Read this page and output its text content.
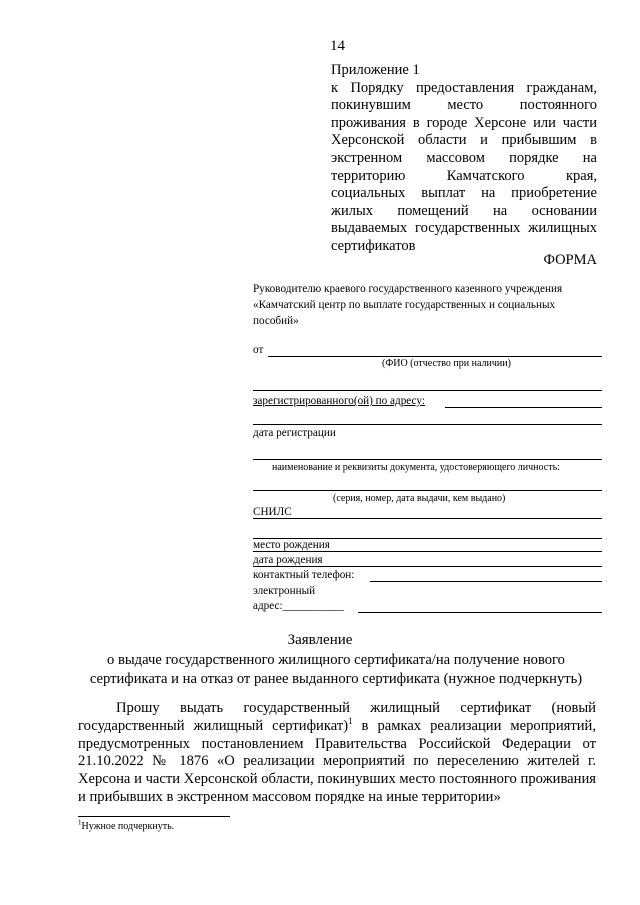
14
Приложение 1
к Порядку предоставления гражданам, покинувшим место постоянного проживания в городе Херсоне или части Херсонской области и прибывшим в экстренном массовом порядке на территорию Камчатского края, социальных выплат на приобретение жилых помещений на основании выдаваемых государственных жилищных сертификатов
ФОРМА
Руководителю краевого государственного казенного учреждения «Камчатский центр по выплате государственных и социальных пособий»
от
(ФИО (отчество при наличии)
зарегистрированного(ой) по адресу:
дата регистрации
наименование и реквизиты документа, удостоверяющего личность:
(серия, номер, дата выдачи, кем выдано)
СНИЛС
место рождения
дата рождения
контактный телефон:
электронный
адрес:___________
Заявление
о выдаче государственного жилищного сертификата/на получение нового сертификата и на отказ от ранее выданного сертификата (нужное подчеркнуть)
Прошу выдать государственный жилищный сертификат (новый государственный жилищный сертификат)$^1$ в рамках реализации мероприятий, предусмотренных постановлением Правительства Российской Федерации от 21.10.2022 № 1876 «О реализации мероприятий по переселению жителей г. Херсона и части Херсонской области, покинувших место постоянного проживания и прибывших в экстренном массовом порядке на иные территории»
$^1$Нужное подчеркнуть.
